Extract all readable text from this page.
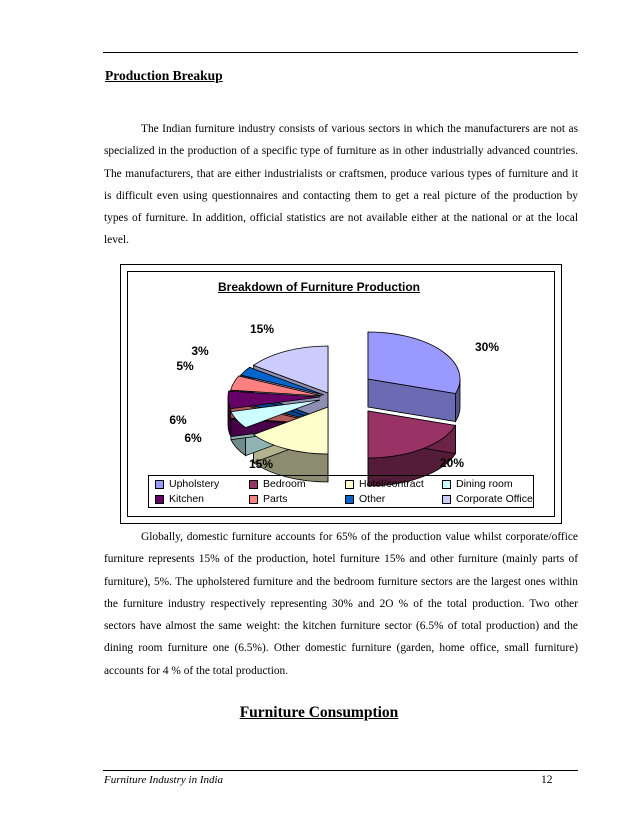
Production Breakup

The Indian furniture industry consists of various sectors in which the manufacturers are not as specialized in the production of a specific type of furniture as in other industrially advanced countries. The manufacturers, that are either industrialists or craftsmen, produce various types of furniture and it is difficult even using questionnaires and contacting them to get a real picture of the production by types of furniture. In addition, official statistics are not available either at the national or at the local level.

Breakdown of Furniture Production
30%
20%
15%
6%
6%
5%
3%
15%
Upholstery	Bedroom	Hotel/contract	Dining room
Kitchen	Parts	Other	Corporate Office

Globally, domestic furniture accounts for 65% of the production value whilst corporate/office furniture represents 15% of the production, hotel furniture 15% and other furniture (mainly parts of furniture), 5%. The upholstered furniture and the bedroom furniture sectors are the largest ones within the furniture industry respectively representing 30% and 2O % of the total production. Two other sectors have almost the same weight: the kitchen furniture sector (6.5% of total production) and the dining room furniture one (6.5%). Other domestic furniture (garden, home office, small furniture) accounts for 4 % of the total production.

Furniture Consumption
Furniture Industry in India	12
